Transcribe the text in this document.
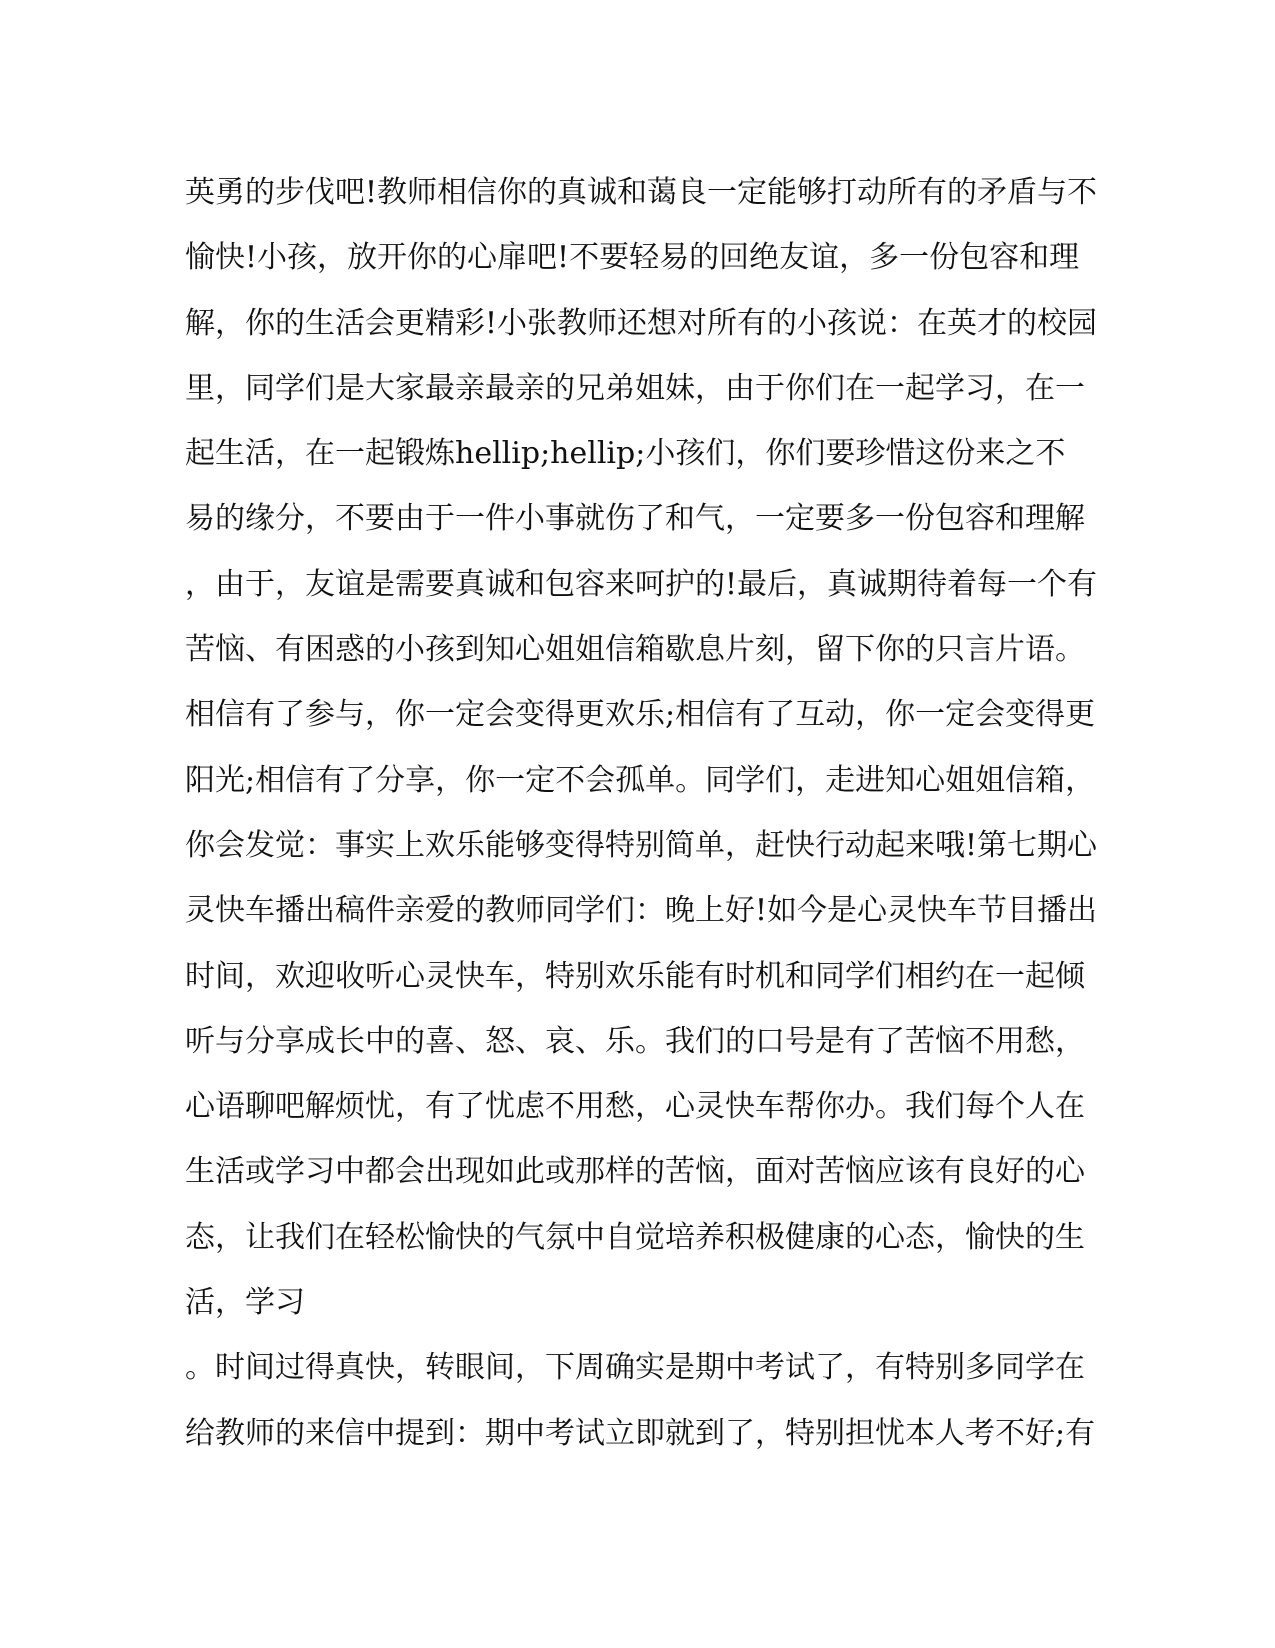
英勇的步伐吧!教师相信你的真诚和蔼良一定能够打动所有的矛盾与不
愉快!小孩，放开你的心扉吧!不要轻易的回绝友谊，多一份包容和理
解，你的生活会更精彩!小张教师还想对所有的小孩说：在英才的校园
里，同学们是大家最亲最亲的兄弟姐妹，由于你们在一起学习，在一
起生活，在一起锻炼hellip;hellip;小孩们，你们要珍惜这份来之不
易的缘分，不要由于一件小事就伤了和气，一定要多一份包容和理解
，由于，友谊是需要真诚和包容来呵护的!最后，真诚期待着每一个有
苦恼、有困惑的小孩到知心姐姐信箱歇息片刻，留下你的只言片语。
相信有了参与，你一定会变得更欢乐;相信有了互动，你一定会变得更
阳光;相信有了分享，你一定不会孤单。同学们，走进知心姐姐信箱，
你会发觉：事实上欢乐能够变得特别简单，赶快行动起来哦!第七期心
灵快车播出稿件亲爱的教师同学们：晚上好!如今是心灵快车节目播出
时间，欢迎收听心灵快车，特别欢乐能有时机和同学们相约在一起倾
听与分享成长中的喜、怒、哀、乐。我们的口号是有了苦恼不用愁，
心语聊吧解烦忧，有了忧虑不用愁，心灵快车帮你办。我们每个人在
生活或学习中都会出现如此或那样的苦恼，面对苦恼应该有良好的心
态，让我们在轻松愉快的气氛中自觉培养积极健康的心态，愉快的生
活，学习
。时间过得真快，转眼间，下周确实是期中考试了，有特别多同学在
给教师的来信中提到：期中考试立即就到了，特别担忧本人考不好;有
